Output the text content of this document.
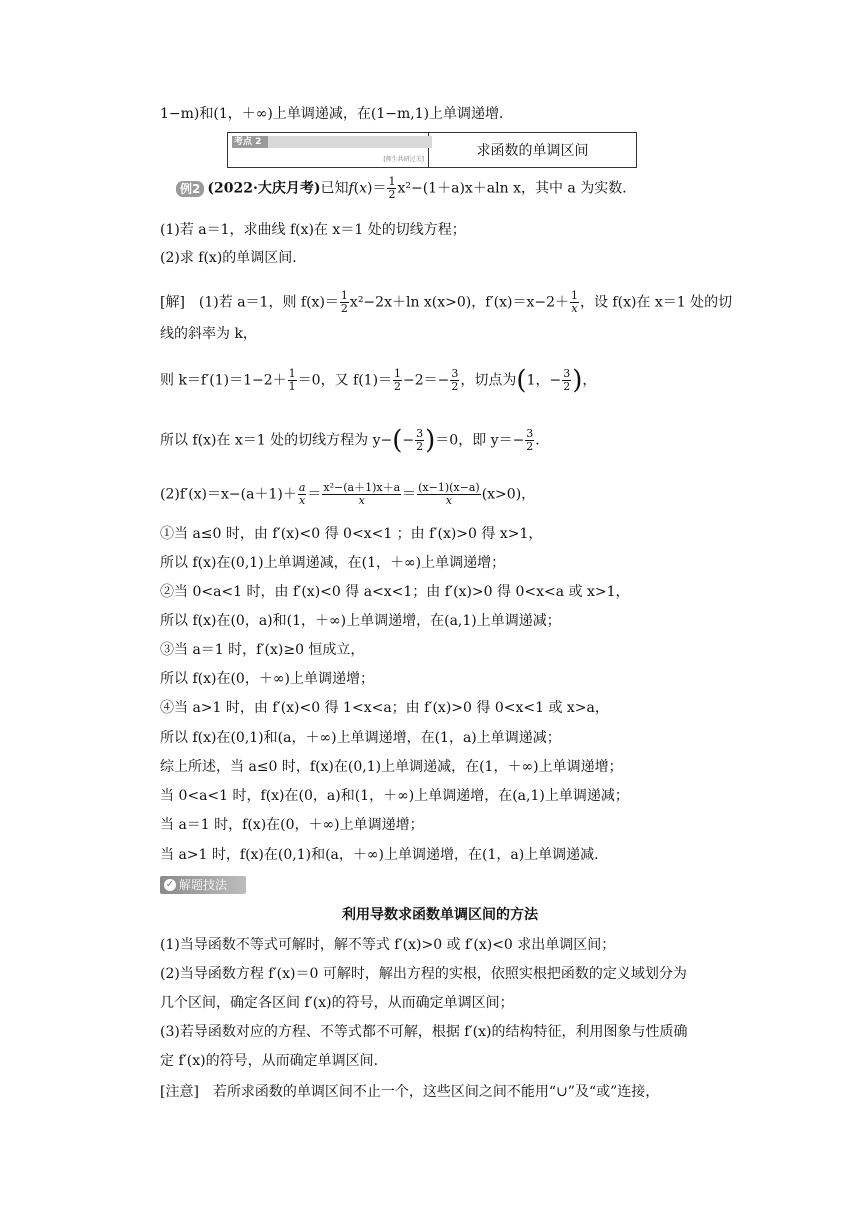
1−m)和(1，＋∞)上单调递减，在(1−m,1)上单调递增．
考点 2
[师生共研过关]
求函数的单调区间
例2 (2022·大庆月考)已知$f(x)= \frac{1}{2} x^2-(1+a)x+aln$ x，其中 a 为实数．
(1)若 a＝1，求曲线 f(x)在 x＝1 处的切线方程；
(2)求 f(x)的单调区间．
[解]　(1)若 a＝1，则 $f(x)= \frac{1}{2} x^2-2x+\ln$ x(x>0)，$f'(x)=x-2+ \frac{1}{x}$ ，设 f(x)在 x＝1 处的切
线的斜率为 k，
则 $k=f'(1)=1-2+ \frac{1}{1} =0$，又 $f(1)= \frac{1}{2} -2=- \frac{3}{2}$ ，切点为(1，− $\frac{3}{2}$ )，
所以 f(x)在 x＝1 处的切线方程为 $y-(- \frac{3}{2} )=0$，即 $y=- \frac{3}{2}$ ．
$(2)f'(x)=x-(a+1)+ \frac{a}{x} = \frac{\text{x²−(a＋1)x＋a}}{x} = \frac{(x-1)(x-a)}{x} (x>0)$，
①当 a≤0 时，由 f′(x)<0 得 0<x<1 ；由 f′(x)>0 得 x>1，
所以 f(x)在(0,1)上单调递减，在(1，＋∞)上单调递增；
②当 0<a<1 时，由 f′(x)<0 得 a<x<1；由 f′(x)>0 得 0<x<a 或 x>1，
所以 f(x)在(0，a)和(1，＋∞)上单调递增，在(a,1)上单调递减；
③当 a＝1 时，f′(x)≥0 恒成立，
所以 f(x)在(0，＋∞)上单调递增；
④当 a>1 时，由 f′(x)<0 得 1<x<a；由 f′(x)>0 得 0<x<1 或 x>a，
所以 f(x)在(0,1)和(a，＋∞)上单调递增，在(1，a)上单调递减；
综上所述，当 a≤0 时，f(x)在(0,1)上单调递减，在(1，＋∞)上单调递增；
当 0<a<1 时，f(x)在(0，a)和(1，＋∞)上单调递增，在(a,1)上单调递减；
当 a＝1 时，f(x)在(0，＋∞)上单调递增；
当 a>1 时，f(x)在(0,1)和(a，＋∞)上单调递增，在(1，a)上单调递减．
✓ 解题技法
利用导数求函数单调区间的方法
(1)当导函数不等式可解时，解不等式 f′(x)>0 或 f′(x)<0 求出单调区间；
(2)当导函数方程 f′(x)＝0 可解时，解出方程的实根，依照实根把函数的定义域划分为
几个区间，确定各区间 f′(x)的符号，从而确定单调区间；
(3)若导函数对应的方程、不等式都不可解，根据 f′(x)的结构特征，利用图象与性质确
定 f′(x)的符号，从而确定单调区间．
[注意]　若所求函数的单调区间不止一个，这些区间之间不能用“∪”及“或”连接，
